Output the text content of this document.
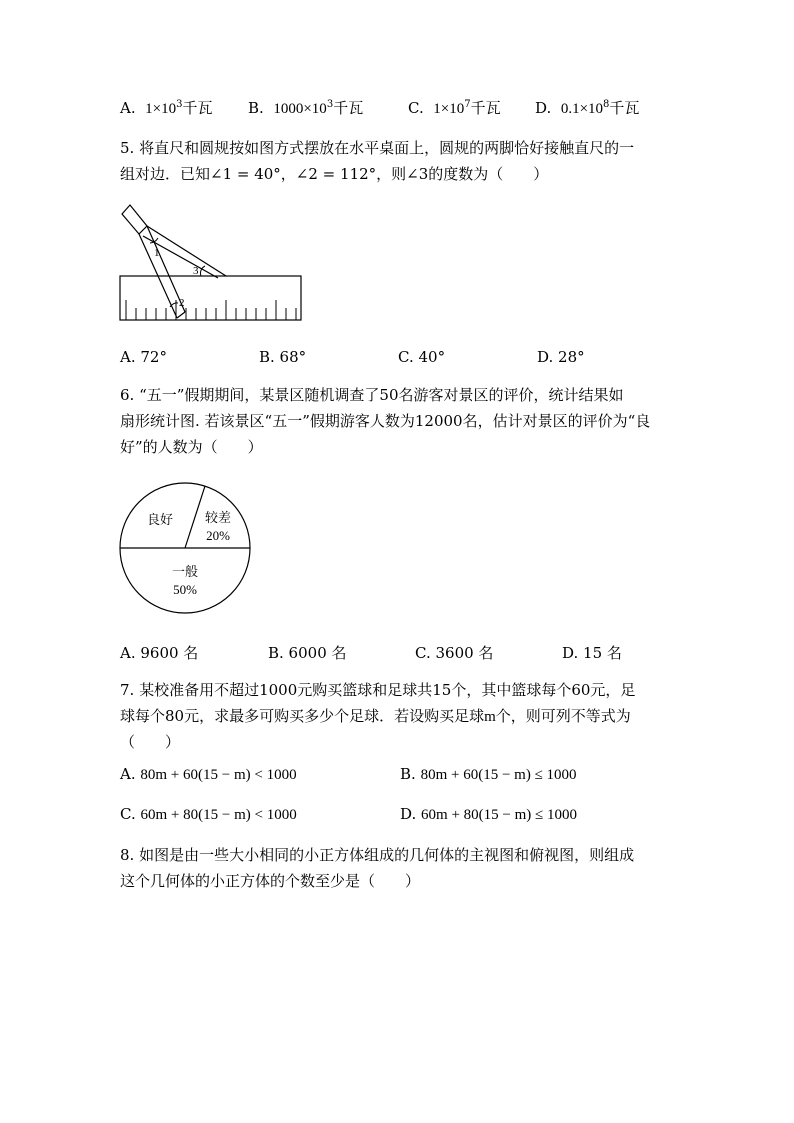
A. $1\times 10^3$千瓦 B. $1000\times 10^3$千瓦	C. $1\times 10^7$千瓦 D. $0.1\times 10^8$千瓦
5. 将直尺和圆规按如图方式摆放在水平桌面上，圆规的两脚恰好接触直尺的一
组对边．已知∠1 = 40°，∠2 = 112°，则∠3的度数为（　　）
1
3
2
A. 72°	B. 68°	C. 40°	D. 28°
6. “五一”假期期间，某景区随机调查了50名游客对景区的评价，统计结果如
扇形统计图. 若该景区“五一”假期游客人数为12000名，估计对景区的评价为“良
好”的人数为（　　）
良好 较差
20%
一般
50%
A. 9600 名	B. 6000 名	C. 3600 名	D. 15 名
7. 某校准备用不超过1000元购买篮球和足球共15个，其中篮球每个60元，足
球每个80元，求最多可购买多少个足球．若设购买足球m个，则可列不等式为
（　　）
A. 80m + 60(15 − m) < 1000	B. 80m + 60(15 − m) ≤ 1000
C. 60m + 80(15 − m) < 1000	D. 60m + 80(15 − m) ≤ 1000
8. 如图是由一些大小相同的小正方体组成的几何体的主视图和俯视图，则组成
这个几何体的小正方体的个数至少是（　　）
